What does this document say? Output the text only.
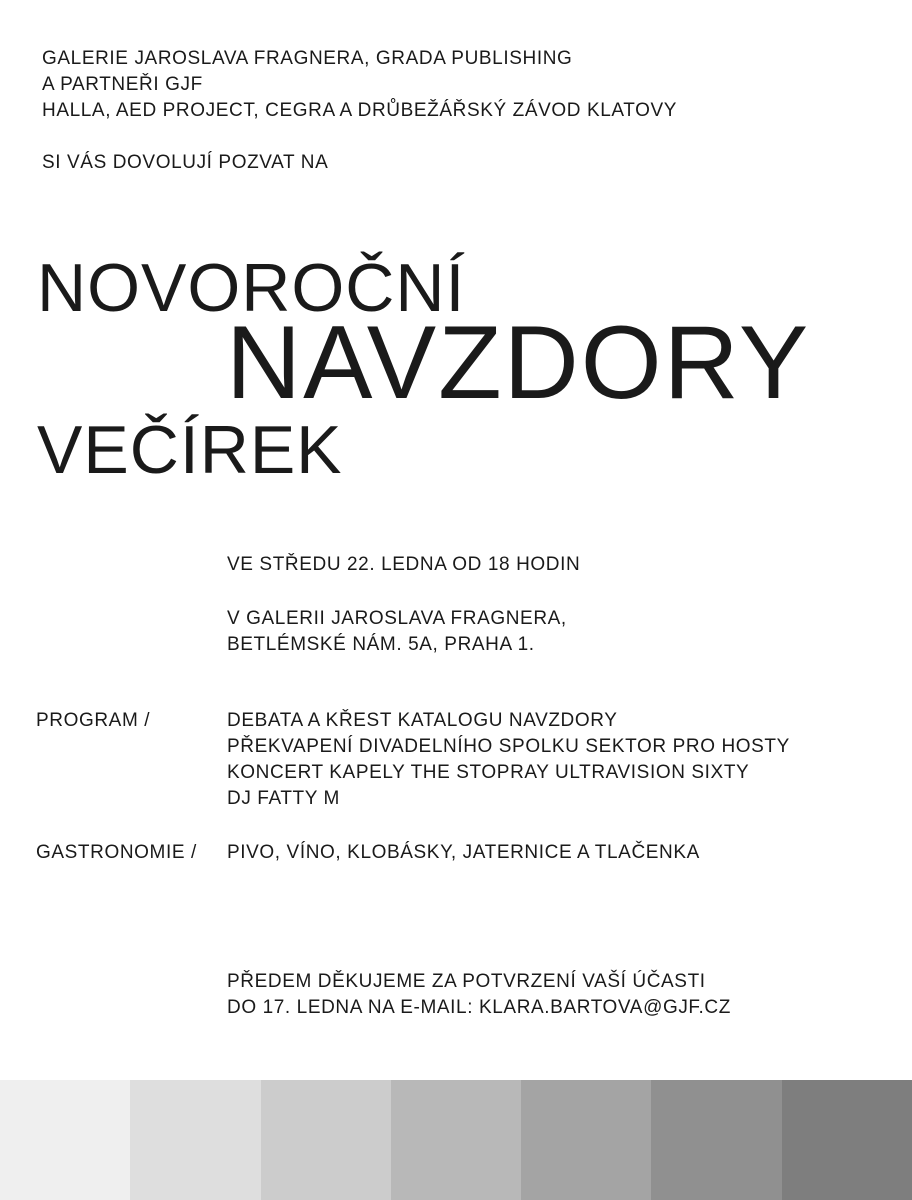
GALERIE JAROSLAVA FRAGNERA, GRADA PUBLISHING
A PARTNEŘI GJF
HALLA, AED PROJECT, CEGRA A DRŮBEŽÁŘSKÝ ZÁVOD KLATOVY
SI VÁS DOVOLUJÍ POZVAT NA
NOVOROČNÍ
NAVZDORY
VEČÍREK
VE STŘEDU 22. LEDNA OD 18 HODIN
V GALERII JAROSLAVA FRAGNERA,
BETLÉMSKÉ NÁM. 5A, PRAHA 1.
PROGRAM /	DEBATA A KŘEST KATALOGU NAVZDORY
PŘEKVAPENÍ DIVADELNÍHO SPOLKU SEKTOR PRO HOSTY
KONCERT KAPELY THE STOPRAY ULTRAVISION SIXTY
DJ FATTY M
GASTRONOMIE / PIVO, VÍNO, KLOBÁSKY, JATERNICE A TLAČENKA
PŘEDEM DĚKUJEME ZA POTVRZENÍ VAŠÍ ÚČASTI
DO 17. LEDNA NA E-MAIL: KLARA.BARTOVA@GJF.CZ
